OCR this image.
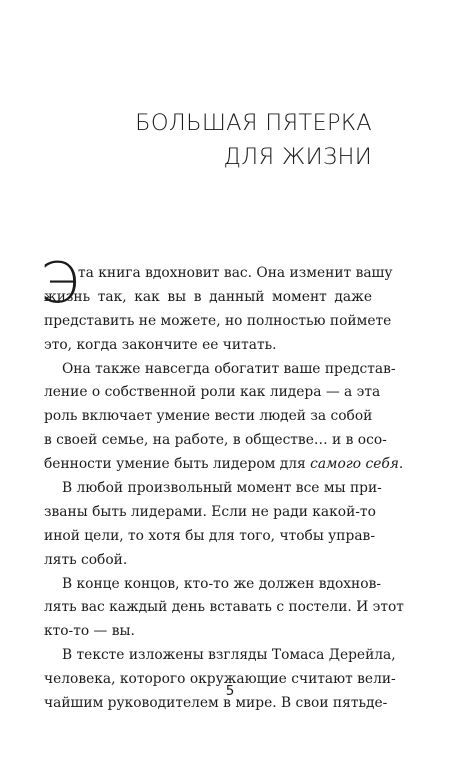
БОЛЬШАЯ ПЯТЕРКА
ДЛЯ ЖИЗНИ
Э
та книга вдохновит вас. Она изменит вашу
жизнь так, как вы в данный момент даже
представить не можете, но полностью поймете
это, когда закончите ее читать.
Она также навсегда обогатит ваше представ-
ление о собственной роли как лидера — а эта
роль включает умение вести людей за собой
в своей семье, на работе, в обществе… и в осо-
бенности умение быть лидером для самого себя.
В любой произвольный момент все мы при-
званы быть лидерами. Если не ради какой-то
иной цели, то хотя бы для того, чтобы управ-
лять собой.
В конце концов, кто-то же должен вдохнов-
лять вас каждый день вставать с постели. И этот
кто-то — вы.
В тексте изложены взгляды Томаса Дерейла,
человека, которого окружающие считают вели-
чайшим руководителем в мире. В свои пятьде-
5
